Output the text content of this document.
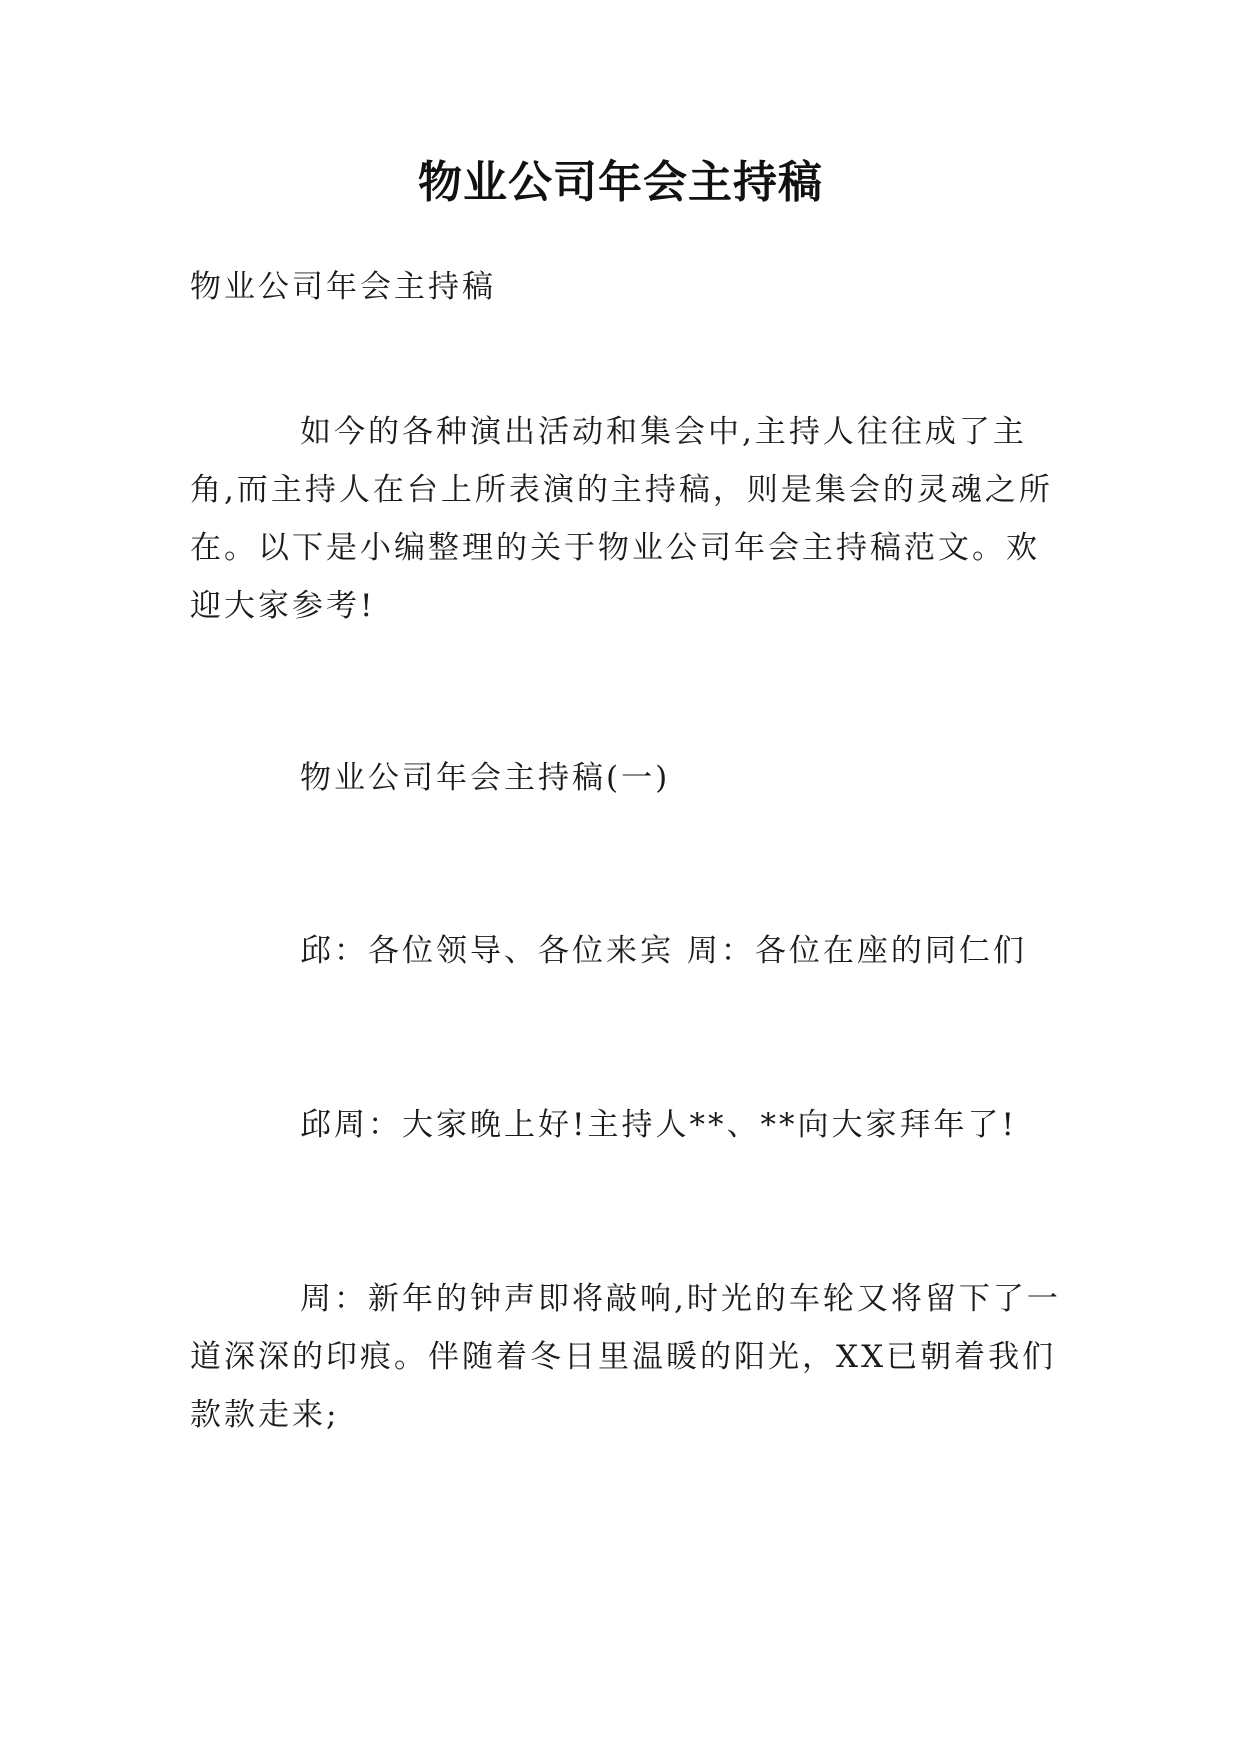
物业公司年会主持稿

物业公司年会主持稿

如今的各种演出活动和集会中,主持人往往成了主角,而主持人在台上所表演的主持稿，则是集会的灵魂之所在。以下是小编整理的关于物业公司年会主持稿范文。欢迎大家参考!

物业公司年会主持稿(一)

邱：各位领导、各位来宾 周：各位在座的同仁们

邱周：大家晚上好!主持人**、**向大家拜年了!

周：新年的钟声即将敲响,时光的车轮又将留下了一道深深的印痕。伴随着冬日里温暖的阳光，XX已朝着我们款款走来;
